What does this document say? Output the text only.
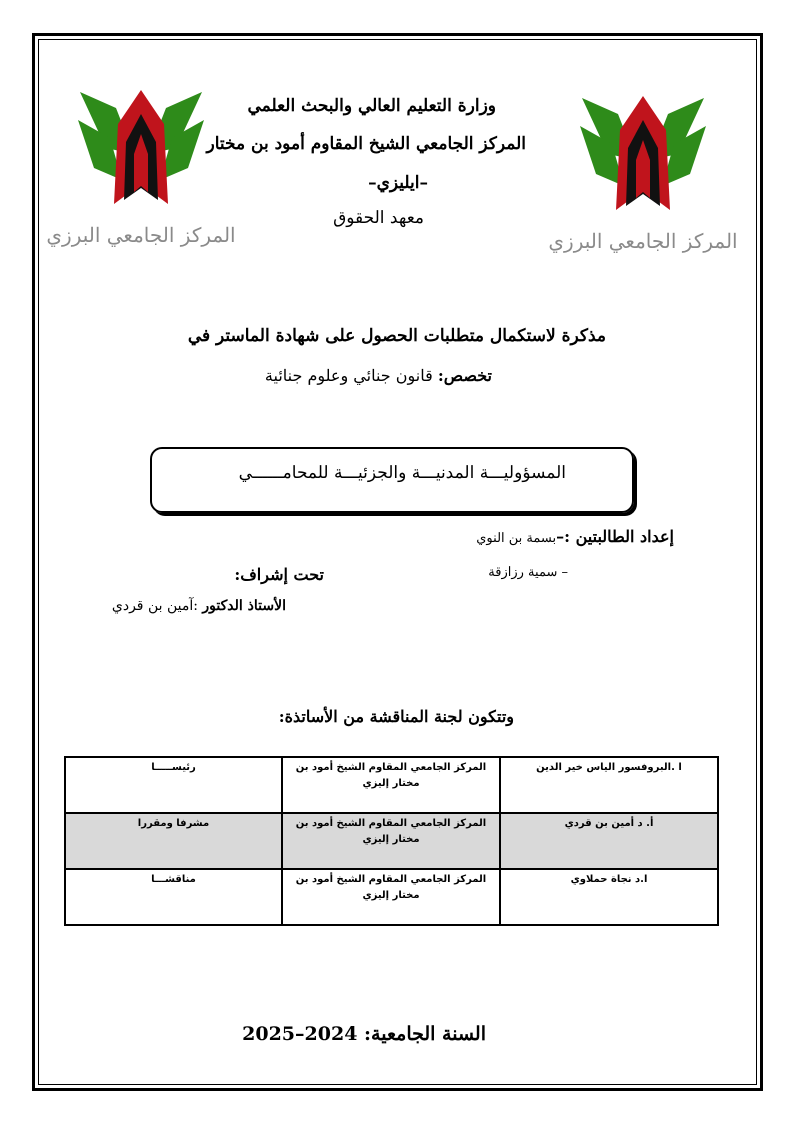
المركز الجامعي البرزي
المركز الجامعي البرزي
وزارة التعليم العالي والبحث العلمي
المركز الجامعي الشيخ المقاوم أمود بن مختار
–ايليزي–
معهد الحقوق
مذكرة لاستكمال متطلبات الحصول على شهادة الماستر في
تخصص: قانون جنائي وعلوم جنائية
المسؤوليـــة المدنيـــة والجزئيـــة للمحامــــــي
إعداد الطالبتين :–بسمة بن النوي
– سمية رزازقة
تحت إشراف:
الأستاذ الدكتور :آمين بن قردي
وتتكون لجنة المناقشة من الأساتذة:
ا .البروفسور الياس خير الدين	المركز الجامعي المقاوم الشيخ أمود بن مختار إليزي	رئيســـــا
أ. د أمين بن قردي	المركز الجامعي المقاوم الشيخ أمود بن مختار إليزي	مشرفا ومقررا
ا.د نجاة حملاوي	المركز الجامعي المقاوم الشيخ أمود بن مختار إليزي	مناقشـــا
السنة الجامعية: 2024–2025
